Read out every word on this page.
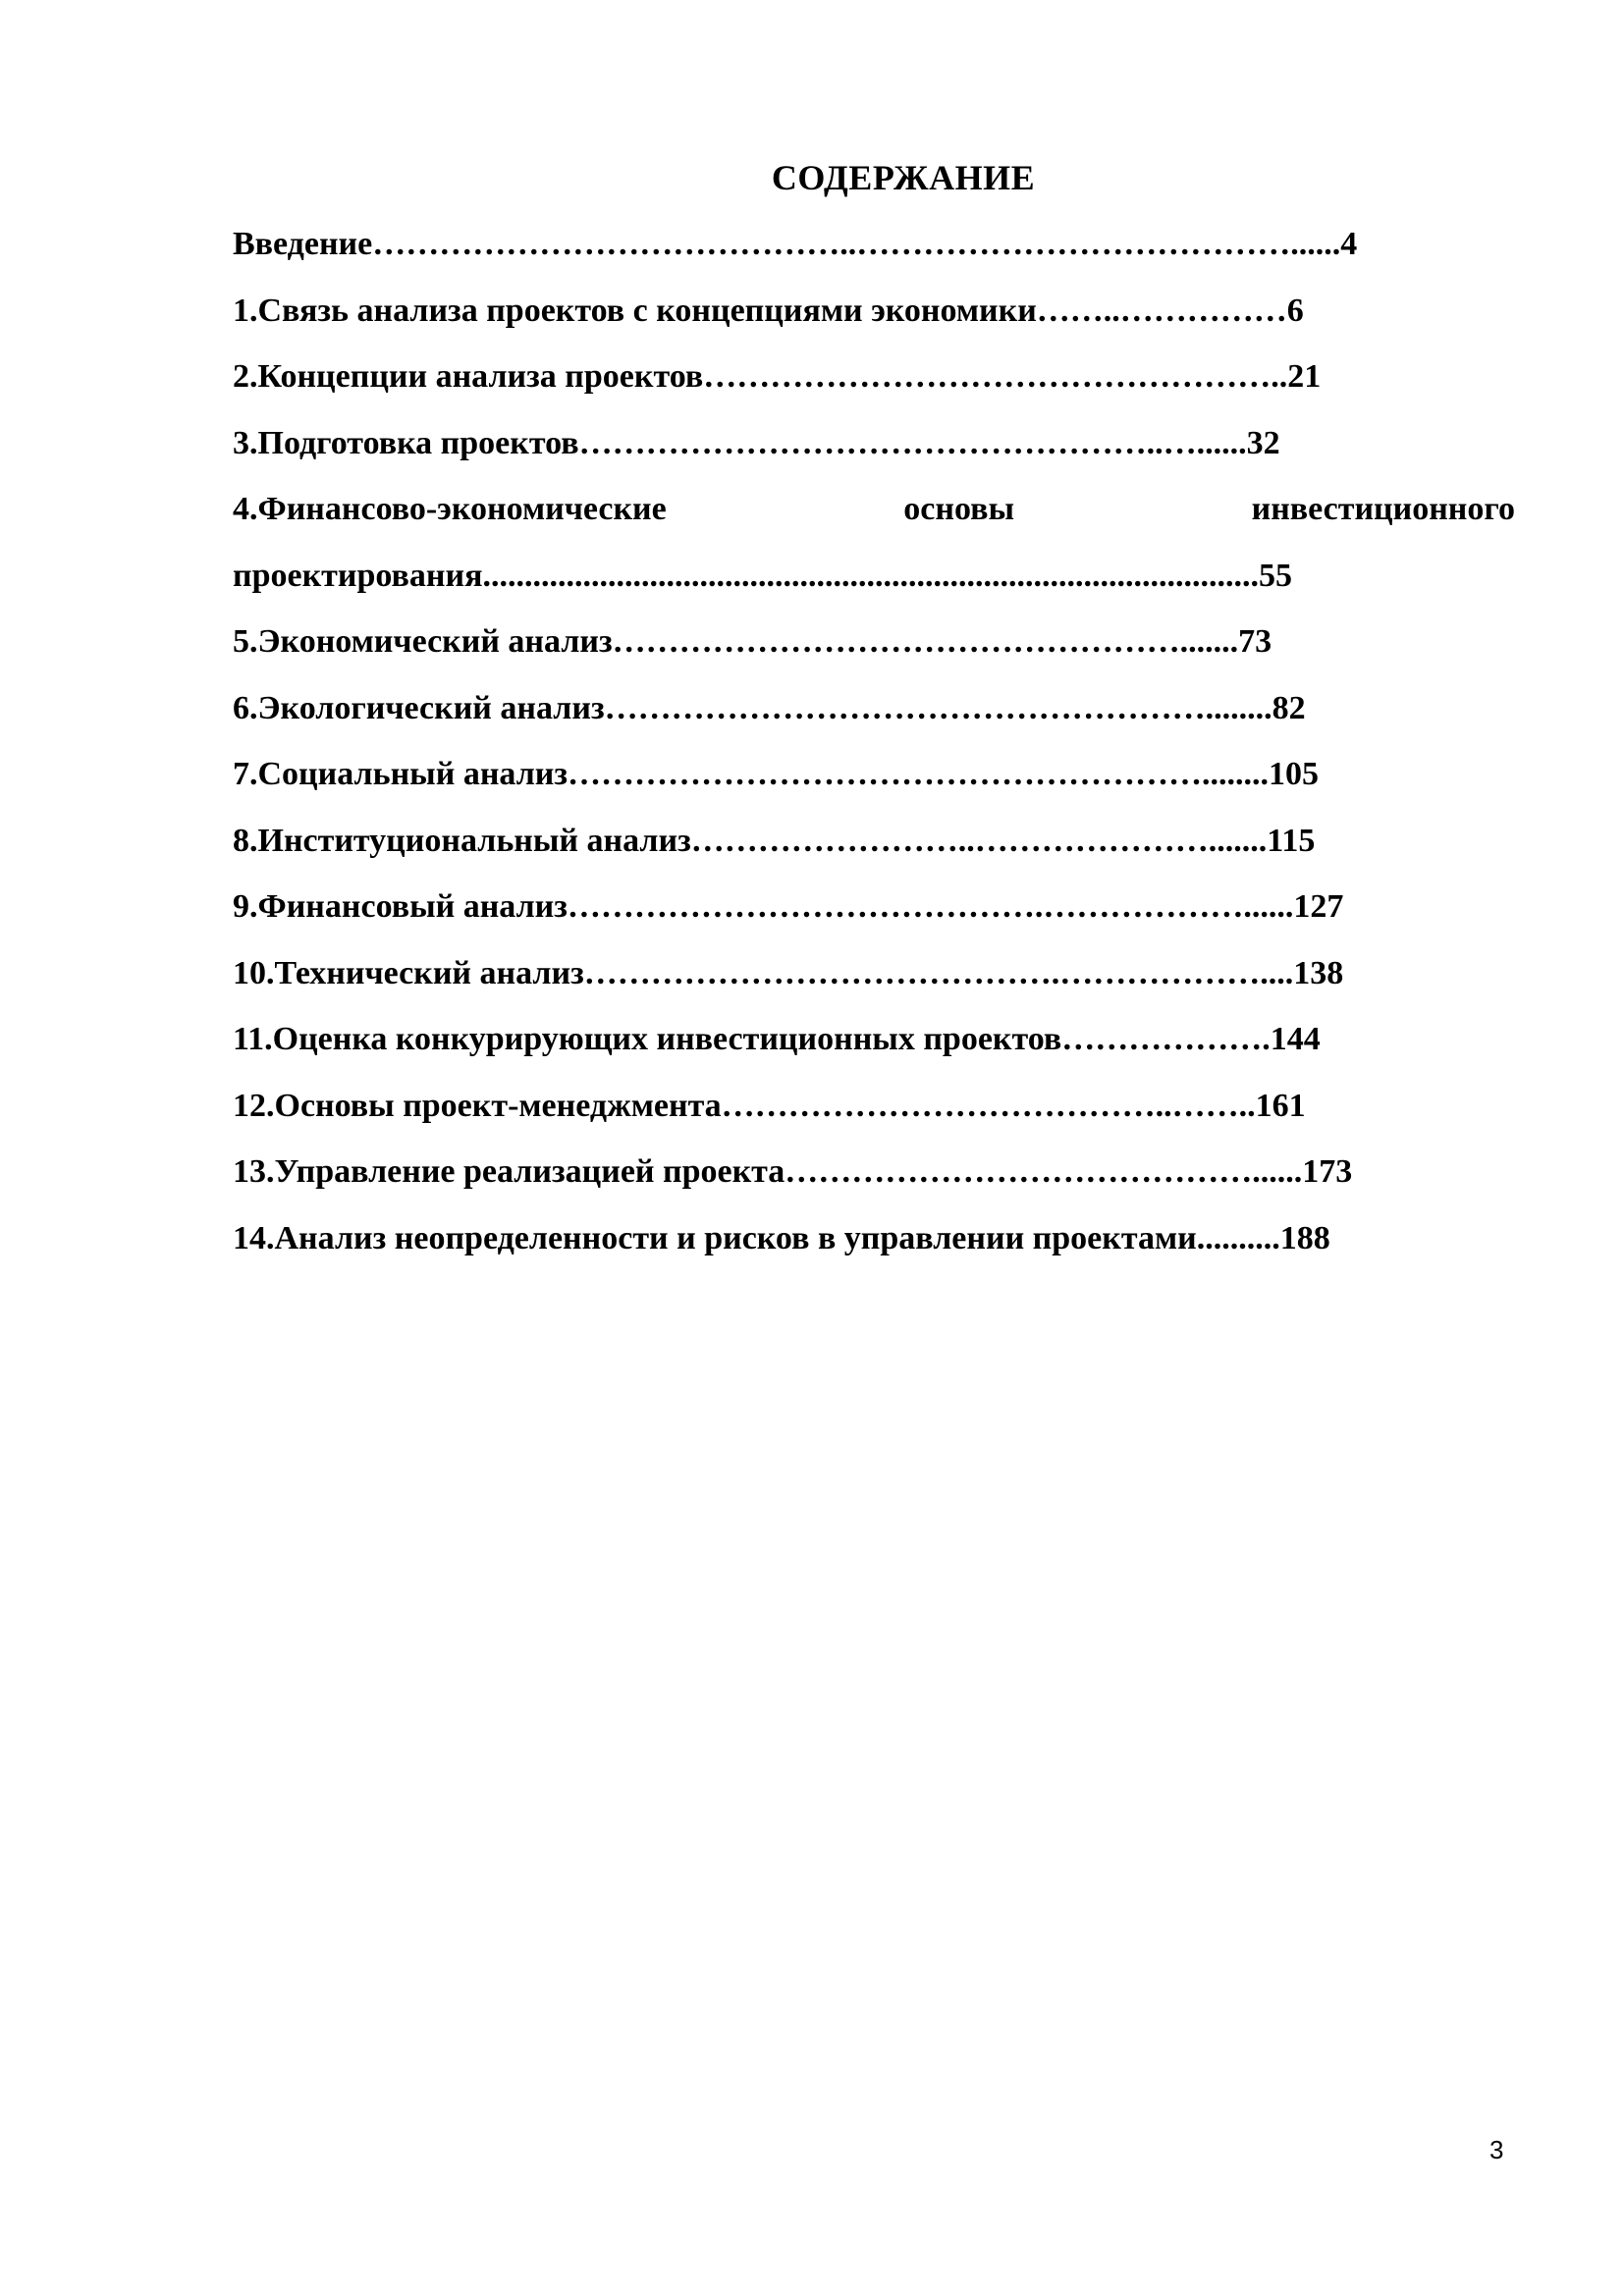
СОДЕРЖАНИЕ
Введение……………………………………..…………………………………......4
1.Связь анализа проектов с концепциями экономики……..……………6
2.Концепции анализа проектов……………………………………………..21
3.Подготовка проектов……………………………………………..…......32
4.Финансово-экономические	основы	инвестиционного
проектирования.............................................................................................55
5.Экономический анализ…………………………………………….......73
6.Экологический анализ………………………………………………........82
7.Социальный анализ…………………………………………………........105
8.Институциональный анализ……………………..………………….......115
9.Финансовый анализ…………………………………….………………......127
10.Технический анализ…………………………………….………………....138
11.Оценка конкурирующих инвестиционных проектов……………….144
12.Основы проект-менеджмента…………………………………..……..161
13.Управление реализацией проекта……………………………………......173
14.Анализ неопределенности и рисков в управлении проектами..........188
3
